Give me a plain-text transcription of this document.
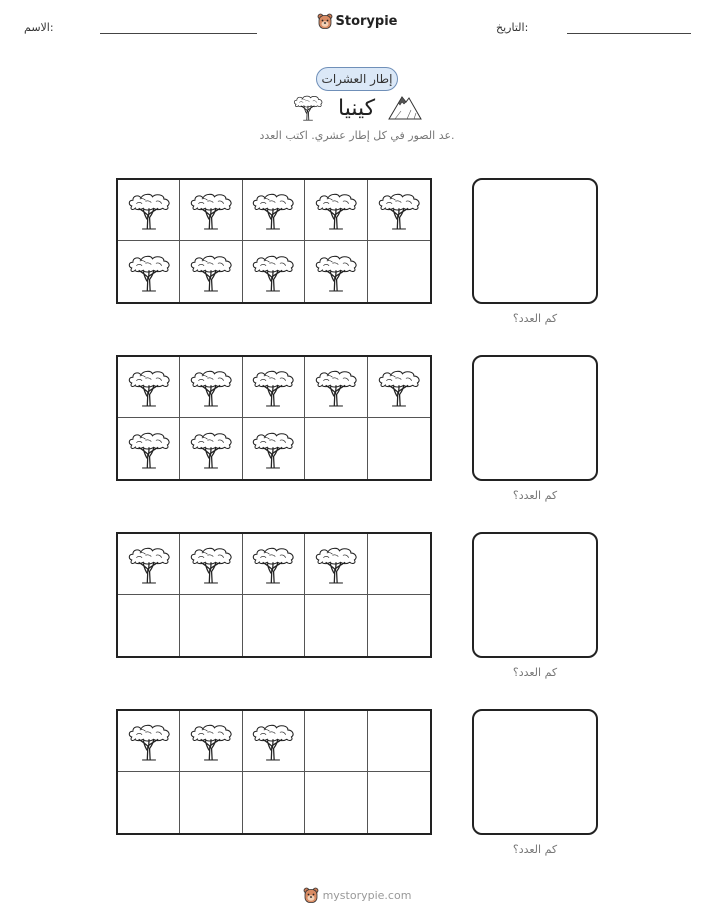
الاسم:	Storypie	التاريخ:
إطار العشرات
كينيا
عد الصور في كل إطار عشري. اكتب العدد.
كم العدد؟
كم العدد؟
كم العدد؟
كم العدد؟
mystorypie.com
